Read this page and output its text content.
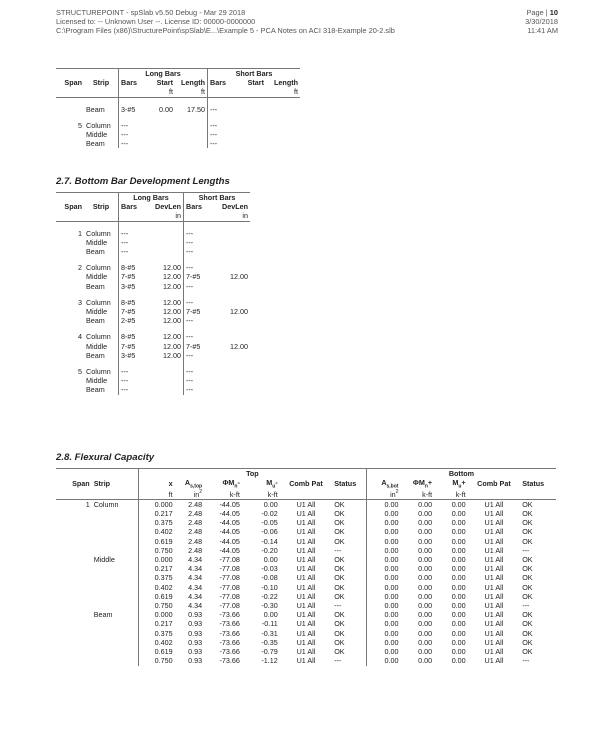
STRUCTUREPOINT - spSlab v5.50 Debug - Mar 29 2018
Licensed to: -- Unknown User --. License ID: 00000-0000000
C:\Program Files (x86)\StructurePoint\spSlab\E...\Example 5 - PCA Notes on ACI 318-Example 20-2.slb
Page | 10
3/30/2018
11:41 AM
		Long Bars			Short Bars		
Span	Strip	Bars	Start	Length	Bars	Start	Length
			ft	ft			ft

	Beam	3-#5	0.00	17.50	---		

5	Column	---			---		
	Middle	---			---		
	Beam	---			---		
2.7. Bottom Bar Development Lengths
		Long Bars		Short Bars	
Span	Strip	Bars	DevLen	Bars	DevLen
			in		in

1	Column	---		---	
	Middle	---		---	
	Beam	---		---	

2	Column	8-#5	12.00	---	
	Middle	7-#5	12.00	7-#5	12.00
	Beam	3-#5	12.00	---	

3	Column	8-#5	12.00	---	
	Middle	7-#5	12.00	7-#5	12.00
	Beam	2-#5	12.00	---	

4	Column	8-#5	12.00	---	
	Middle	7-#5	12.00	7-#5	12.00
	Beam	3-#5	12.00	---	

5	Column	---		---	
	Middle	---		---	
	Beam	---		---	
2.8. Flexural Capacity
		Top						Bottom				
Span	Strip	x	$A_{s,top}$	$\Phi M_n-$	$M_u-$	Comb Pat	Status	$A_{s,bot}$	$\Phi M_n+$	$M_u+$	Comb Pat	Status
		ft	$in^2$	k-ft	k-ft			$in^2$	k-ft	k-ft		
1	Column	0.000	2.48	-44.05	0.00	U1 All	OK	0.00	0.00	0.00	U1 All	OK
		0.217	2.48	-44.05	-0.02	U1 All	OK	0.00	0.00	0.00	U1 All	OK
		0.375	2.48	-44.05	-0.05	U1 All	OK	0.00	0.00	0.00	U1 All	OK
		0.402	2.48	-44.05	-0.06	U1 All	OK	0.00	0.00	0.00	U1 All	OK
		0.619	2.48	-44.05	-0.14	U1 All	OK	0.00	0.00	0.00	U1 All	OK
		0.750	2.48	-44.05	-0.20	U1 All	---	0.00	0.00	0.00	U1 All	---
	Middle	0.000	4.34	-77.08	0.00	U1 All	OK	0.00	0.00	0.00	U1 All	OK
		0.217	4.34	-77.08	-0.03	U1 All	OK	0.00	0.00	0.00	U1 All	OK
		0.375	4.34	-77.08	-0.08	U1 All	OK	0.00	0.00	0.00	U1 All	OK
		0.402	4.34	-77.08	-0.10	U1 All	OK	0.00	0.00	0.00	U1 All	OK
		0.619	4.34	-77.08	-0.22	U1 All	OK	0.00	0.00	0.00	U1 All	OK
		0.750	4.34	-77.08	-0.30	U1 All	---	0.00	0.00	0.00	U1 All	---
	Beam	0.000	0.93	-73.66	0.00	U1 All	OK	0.00	0.00	0.00	U1 All	OK
		0.217	0.93	-73.66	-0.11	U1 All	OK	0.00	0.00	0.00	U1 All	OK
		0.375	0.93	-73.66	-0.31	U1 All	OK	0.00	0.00	0.00	U1 All	OK
		0.402	0.93	-73.66	-0.35	U1 All	OK	0.00	0.00	0.00	U1 All	OK
		0.619	0.93	-73.66	-0.79	U1 All	OK	0.00	0.00	0.00	U1 All	OK
		0.750	0.93	-73.66	-1.12	U1 All	---	0.00	0.00	0.00	U1 All	---
